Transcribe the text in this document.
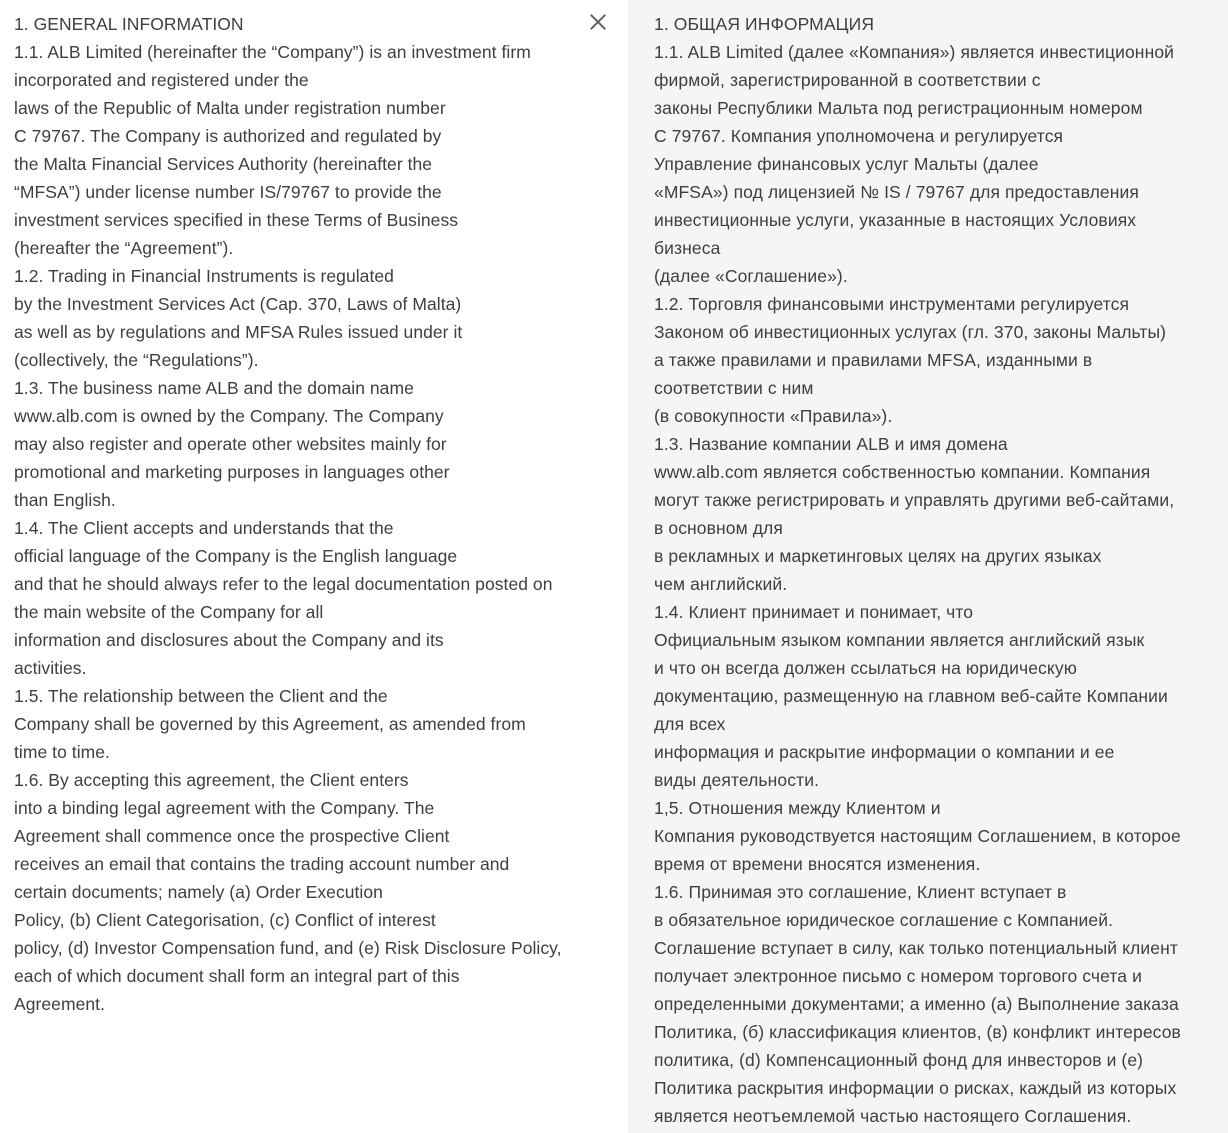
1. GENERAL INFORMATION
1.1. ALB Limited (hereinafter the “Company”) is an investment firm
incorporated and registered under the
laws of the Republic of Malta under registration number
C 79767. The Company is authorized and regulated by
the Malta Financial Services Authority (hereinafter the
“MFSA”) under license number IS/79767 to provide the
investment services specified in these Terms of Business
(hereafter the “Agreement”).
1.2. Trading in Financial Instruments is regulated
by the Investment Services Act (Cap. 370, Laws of Malta)
as well as by regulations and MFSA Rules issued under it
(collectively, the “Regulations”).
1.3. The business name ALB and the domain name
www.alb.com is owned by the Company. The Company
may also register and operate other websites mainly for
promotional and marketing purposes in languages other
than English.
1.4. The Client accepts and understands that the
official language of the Company is the English language
and that he should always refer to the legal documentation posted on
the main website of the Company for all
information and disclosures about the Company and its
activities.
1.5. The relationship between the Client and the
Company shall be governed by this Agreement, as amended from
time to time.
1.6. By accepting this agreement, the Client enters
into a binding legal agreement with the Company. The
Agreement shall commence once the prospective Client
receives an email that contains the trading account number and
certain documents; namely (a) Order Execution
Policy, (b) Client Categorisation, (c) Conflict of interest
policy, (d) Investor Compensation fund, and (e) Risk Disclosure Policy,
each of which document shall form an integral part of this
Agreement.
1. ОБЩАЯ ИНФОРМАЦИЯ
1.1. ALB Limited (далее «Компания») является инвестиционной
фирмой, зарегистрированной в соответствии с
законы Республики Мальта под регистрационным номером
C 79767. Компания уполномочена и регулируется
Управление финансовых услуг Мальты (далее
«MFSA») под лицензией № IS / 79767 для предоставления
инвестиционные услуги, указанные в настоящих Условиях
бизнеса
(далее «Соглашение»).
1.2. Торговля финансовыми инструментами регулируется
Законом об инвестиционных услугах (гл. 370, законы Мальты)
а также правилами и правилами MFSA, изданными в
соответствии с ним
(в совокупности «Правила»).
1.3. Название компании ALB и имя домена
www.alb.com является собственностью компании. Компания
могут также регистрировать и управлять другими веб-сайтами,
в основном для
в рекламных и маркетинговых целях на других языках
чем английский.
1.4. Клиент принимает и понимает, что
Официальным языком компании является английский язык
и что он всегда должен ссылаться на юридическую
документацию, размещенную на главном веб-сайте Компании
для всех
информация и раскрытие информации о компании и ее
виды деятельности.
1,5. Отношения между Клиентом и
Компания руководствуется настоящим Соглашением, в которое
время от времени вносятся изменения.
1.6. Принимая это соглашение, Клиент вступает в
в обязательное юридическое соглашение с Компанией.
Соглашение вступает в силу, как только потенциальный клиент
получает электронное письмо с номером торгового счета и
определенными документами; а именно (а) Выполнение заказа
Политика, (б) классификация клиентов, (в) конфликт интересов
политика, (d) Компенсационный фонд для инвесторов и (е)
Политика раскрытия информации о рисках, каждый из которых
является неотъемлемой частью настоящего Соглашения.
